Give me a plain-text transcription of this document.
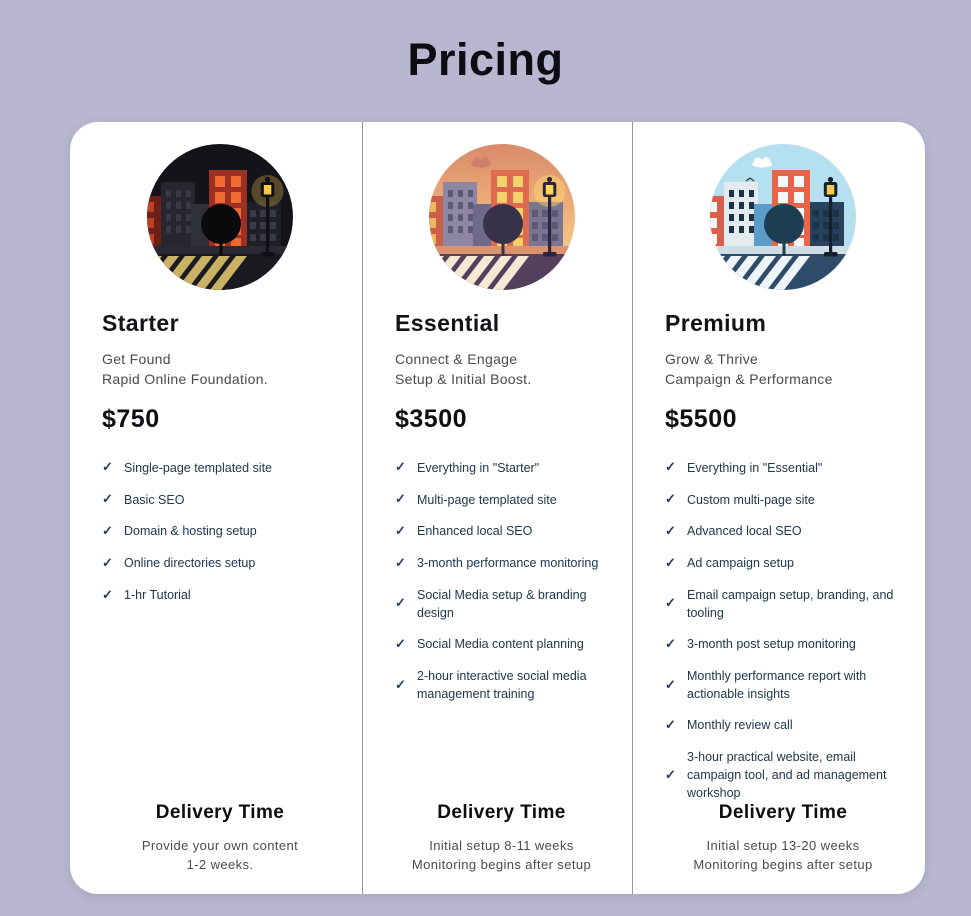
Pricing
Starter
Get Found
Rapid Online Foundation.
$750
✓ Single-page templated site
✓ Basic SEO
✓ Domain & hosting setup
✓ Online directories setup
✓ 1-hr Tutorial
Delivery Time
Provide your own content
1-2 weeks.
Essential
Connect & Engage
Setup & Initial Boost.
$3500
✓ Everything in "Starter"
✓ Multi-page templated site
✓ Enhanced local SEO
✓ 3-month performance monitoring
✓
Social Media setup & branding design
✓ Social Media content planning
✓
2-hour interactive social media management training
Delivery Time
Initial setup 8-11 weeks
Monitoring begins after setup
Premium
Grow & Thrive
Campaign & Performance
$5500
✓ Everything in "Essential"
✓ Custom multi-page site
✓ Advanced local SEO
✓ Ad campaign setup
✓
Email campaign setup, branding, and tooling
✓ 3-month post setup monitoring
✓
Monthly performance report with actionable insights
✓ Monthly review call
✓
3-hour practical website, email campaign tool, and ad management workshop
Delivery Time
Initial setup 13-20 weeks
Monitoring begins after setup
